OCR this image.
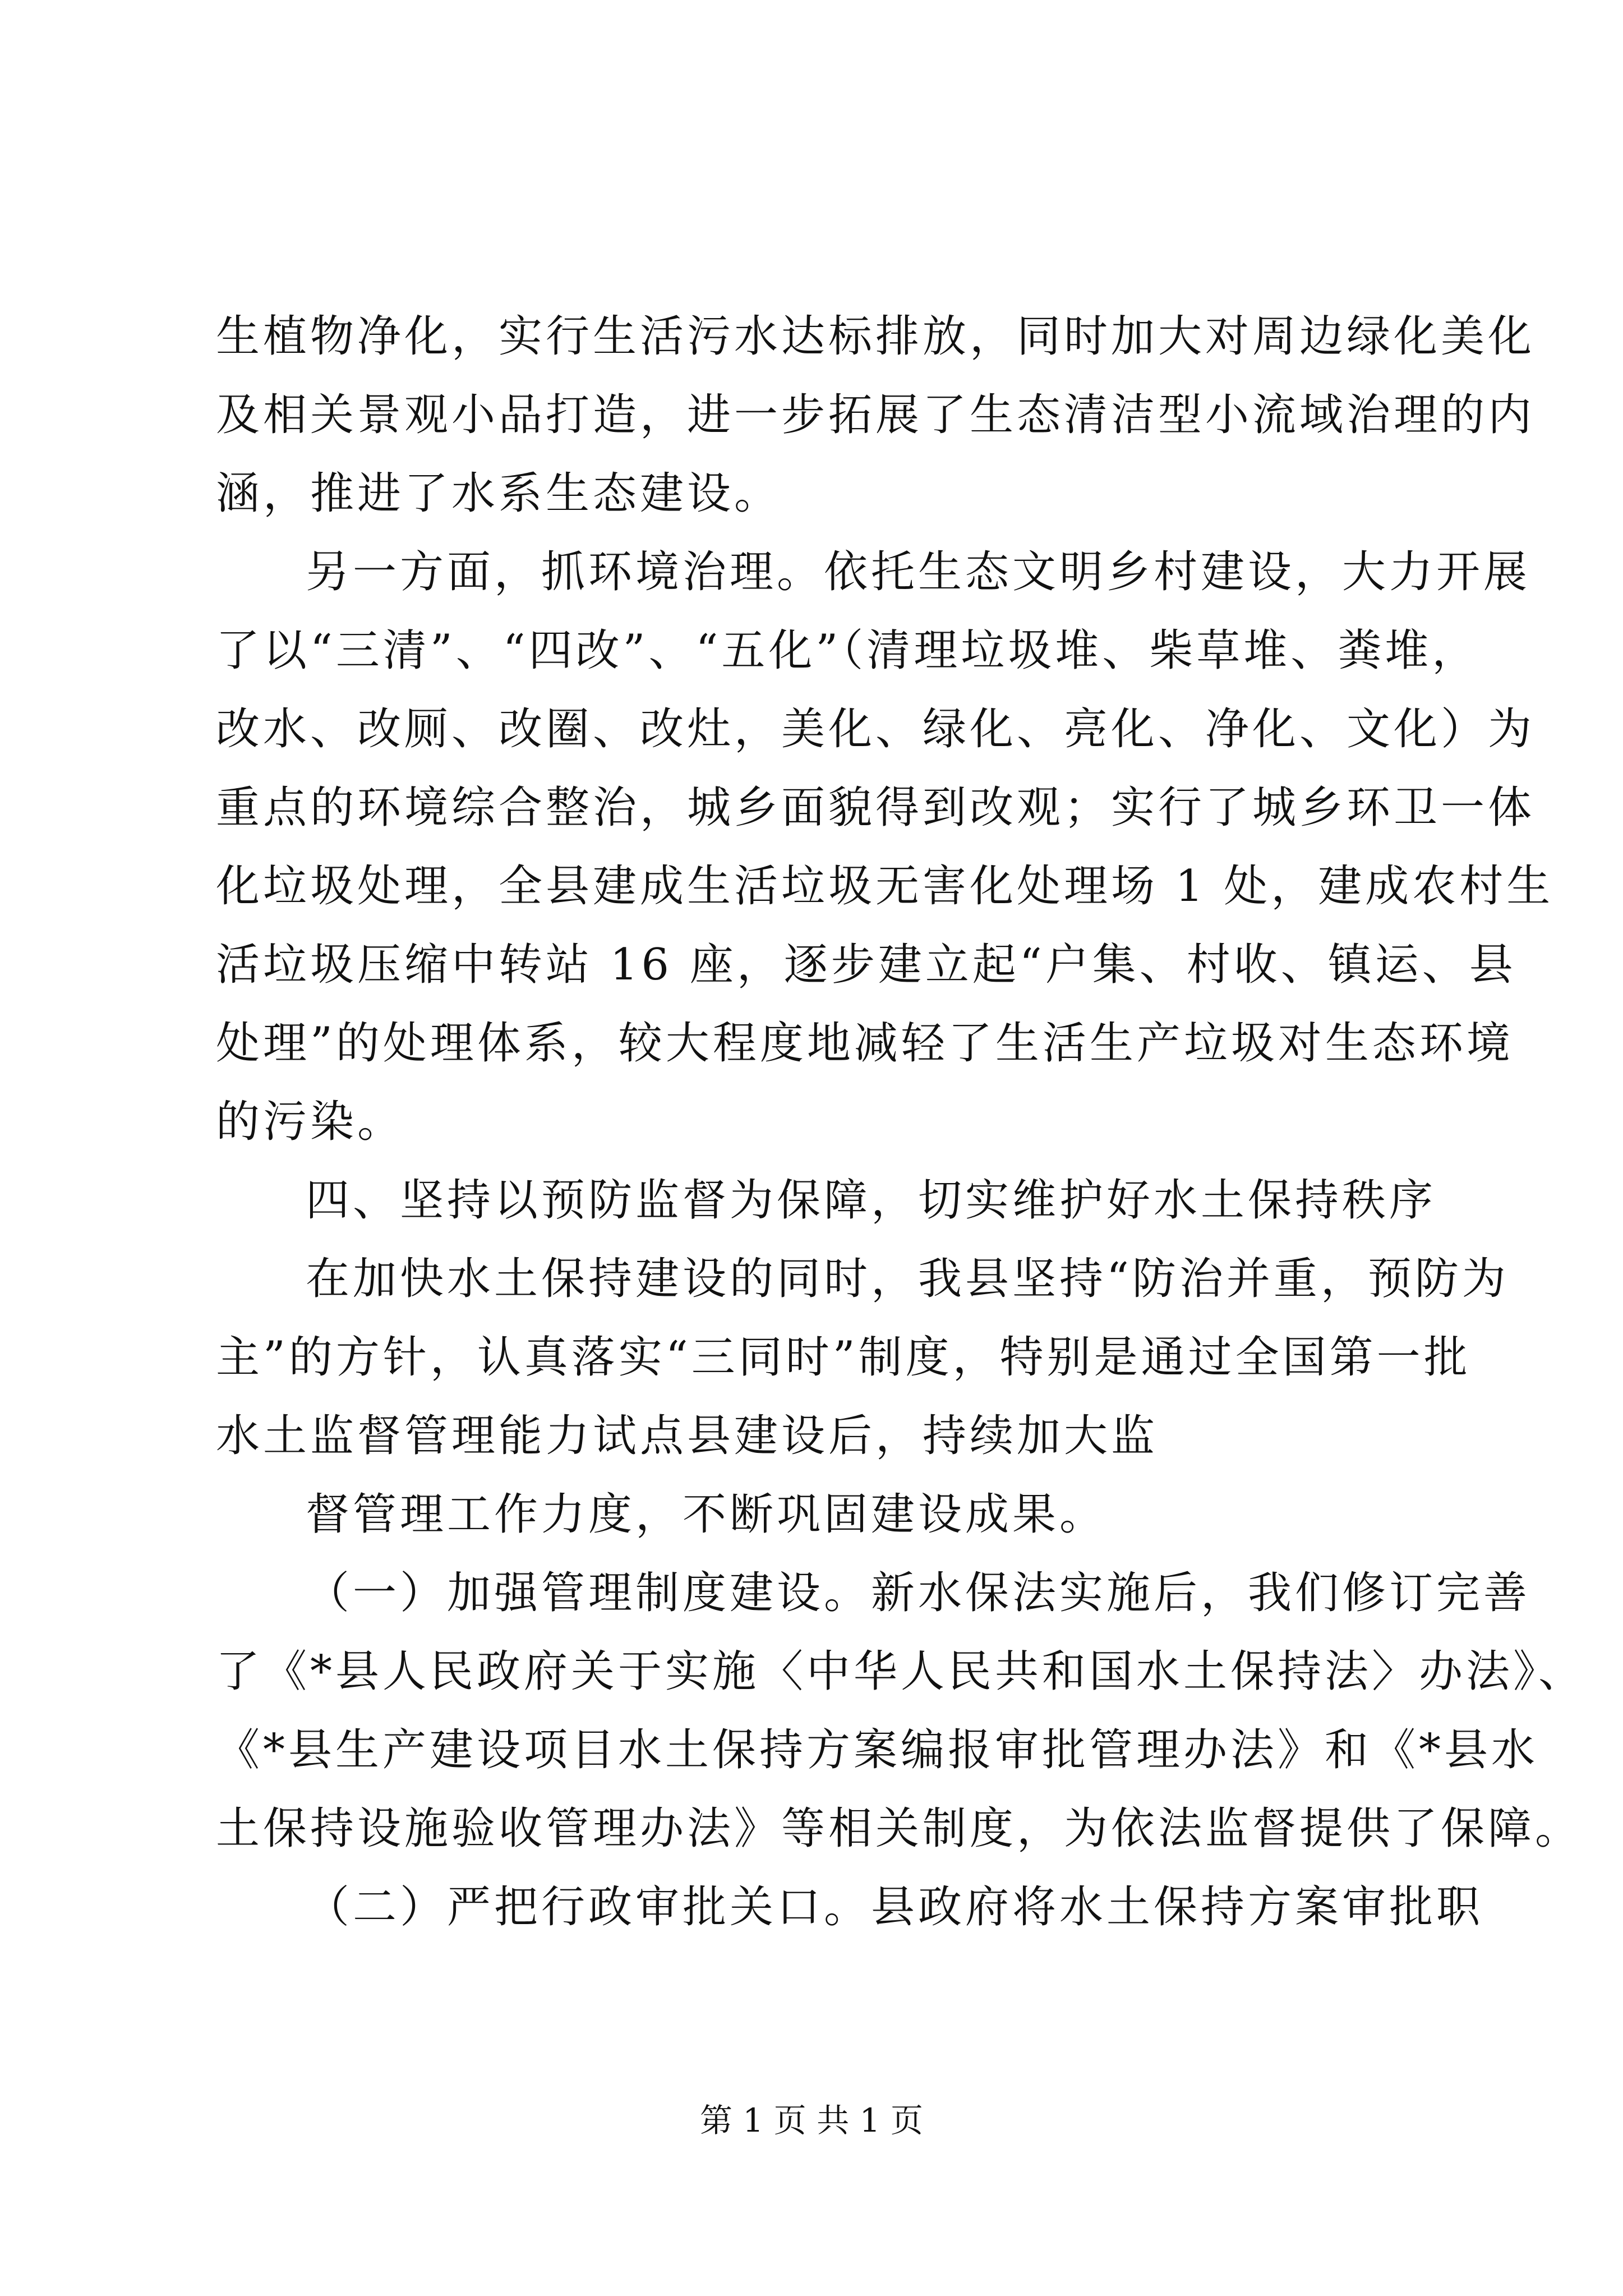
生植物净化，实行生活污水达标排放，同时加大对周边绿化美化
及相关景观小品打造，进一步拓展了生态清洁型小流域治理的内
涵，推进了水系生态建设。
另一方面，抓环境治理。依托生态文明乡村建设，大力开展
了以“三清”、“四改”、“五化”（清理垃圾堆、柴草堆、粪堆，
改水、改厕、改圈、改灶，美化、绿化、亮化、净化、文化）为
重点的环境综合整治，城乡面貌得到改观；实行了城乡环卫一体
化垃圾处理，全县建成生活垃圾无害化处理场 1 处，建成农村生
活垃圾压缩中转站 16 座，逐步建立起“户集、村收、镇运、县
处理”的处理体系，较大程度地减轻了生活生产垃圾对生态环境
的污染。
四、坚持以预防监督为保障，切实维护好水土保持秩序
在加快水土保持建设的同时，我县坚持“防治并重，预防为
主”的方针，认真落实“三同时”制度，特别是通过全国第一批
水土监督管理能力试点县建设后，持续加大监
督管理工作力度，不断巩固建设成果。
（一）加强管理制度建设。新水保法实施后，我们修订完善
了《*县人民政府关于实施〈中华人民共和国水土保持法〉办法》、
《*县生产建设项目水土保持方案编报审批管理办法》和《*县水
土保持设施验收管理办法》等相关制度，为依法监督提供了保障。
（二）严把行政审批关口。县政府将水土保持方案审批职
第 1 页 共 1 页
